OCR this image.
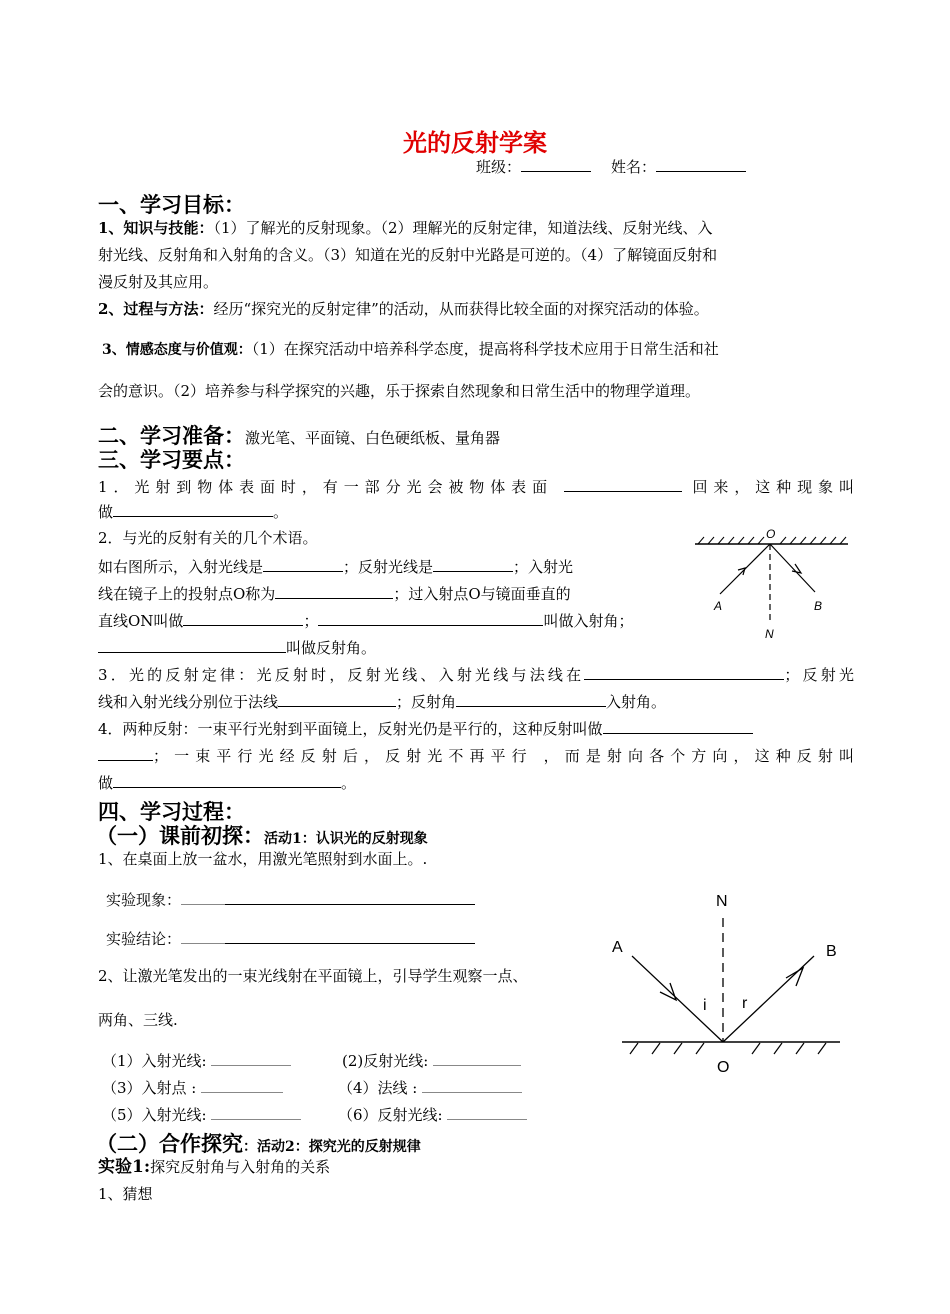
光的反射学案
班级：	姓名：
一、学习目标：
1、知识与技能：（1）了解光的反射现象。（2）理解光的反射定律，知道法线、反射光线、入
射光线、反射角和入射角的含义。（3）知道在光的反射中光路是可逆的。（4）了解镜面反射和
漫反射及其应用。
2、过程与方法：经历“探究光的反射定律”的活动，从而获得比较全面的对探究活动的体验。
3、情感态度与价值观：（1）在探究活动中培养科学态度，提高将科学技术应用于日常生活和社
会的意识。（2）培养参与科学探究的兴趣，乐于探索自然现象和日常生活中的物理学道理。
二、学习准备：激光笔、平面镜、白色硬纸板、量角器
三、学习要点：
1．光射到物体表面时，有一部分光会被物体表面	回来，这种现象叫
做	。
2．与光的反射有关的几个术语。
如右图所示，入射光线是	；反射光线是	；入射光
线在镜子上的投射点O称为	；过入射点O与镜面垂直的
直线ON叫做	；	叫做入射角；
叫做反射角。
O
A	B
N
3．光的反射定律：光反射时，反射光线、入射光线与法线在	；反射光
线和入射光线分别位于法线	；反射角	入射角。
4．两种反射：一束平行光射到平面镜上，反射光仍是平行的，这种反射叫做
；一束平行光经反射后，反射光不再平行 ，而是射向各个方向，这种反射叫
做	。
四、学习过程：
（一）课前初探：活动1：认识光的反射现象
1、在桌面上放一盆水，用激光笔照射到水面上。.
实验现象：
实验结论：
2、让激光笔发出的一束光线射在平面镜上，引导学生观察一点、
两角、三线.
（1）入射光线:	(2)反射光线:
（3）入射点 :	（4）法线 :
（5）入射光线:	（6）反射光线:
N
A	B
i r
O
（二）合作探究：活动2：探究光的反射规律
实验1:探究反射角与入射角的关系
1、猜想
